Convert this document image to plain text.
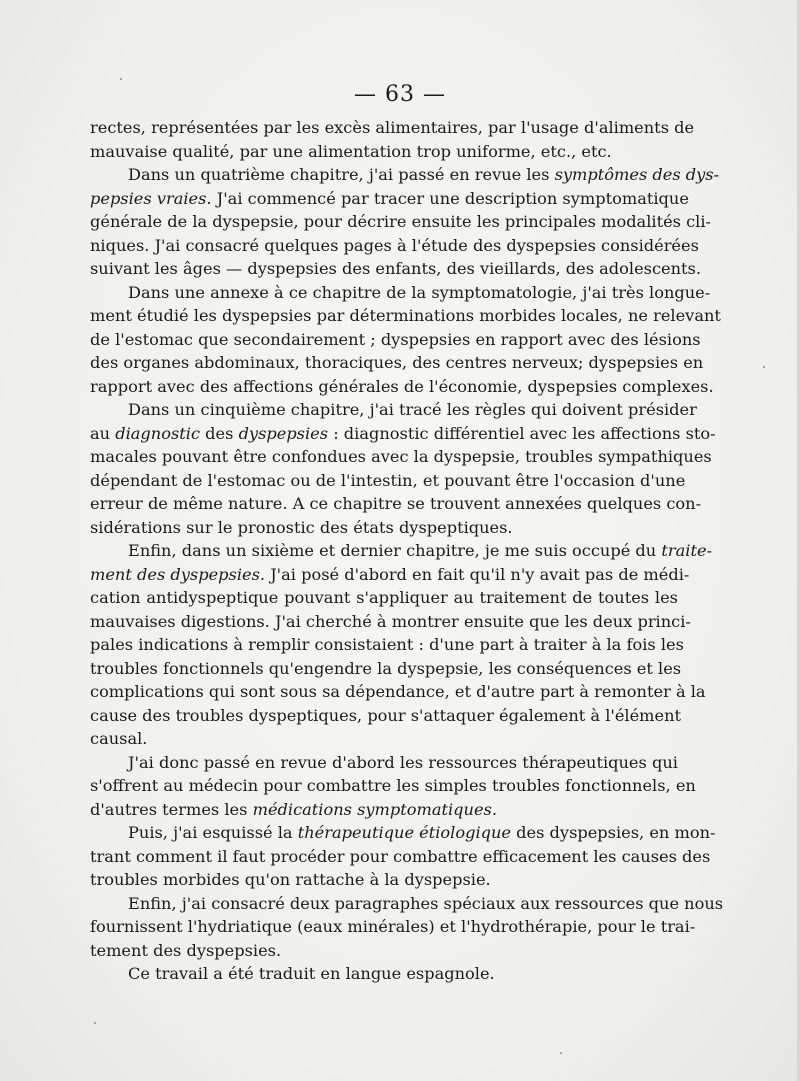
— 63 —
rectes, représentées par les excès alimentaires, par l'usage d'aliments de
mauvaise qualité, par une alimentation trop uniforme, etc., etc.
Dans un quatrième chapitre, j'ai passé en revue les symptômes des dys-
pepsies vraies. J'ai commencé par tracer une description symptomatique
générale de la dyspepsie, pour décrire ensuite les principales modalités cli-
niques. J'ai consacré quelques pages à l'étude des dyspepsies considérées
suivant les âges — dyspepsies des enfants, des vieillards, des adolescents.
Dans une annexe à ce chapitre de la symptomatologie, j'ai très longue-
ment étudié les dyspepsies par déterminations morbides locales, ne relevant
de l'estomac que secondairement ; dyspepsies en rapport avec des lésions
des organes abdominaux, thoraciques, des centres nerveux; dyspepsies en
rapport avec des affections générales de l'économie, dyspepsies complexes.
Dans un cinquième chapitre, j'ai tracé les règles qui doivent présider
au diagnostic des dyspepsies : diagnostic différentiel avec les affections sto-
macales pouvant être confondues avec la dyspepsie, troubles sympathiques
dépendant de l'estomac ou de l'intestin, et pouvant être l'occasion d'une
erreur de même nature. A ce chapitre se trouvent annexées quelques con-
sidérations sur le pronostic des états dyspeptiques.
Enfin, dans un sixième et dernier chapitre, je me suis occupé du traite-
ment des dyspepsies. J'ai posé d'abord en fait qu'il n'y avait pas de médi-
cation antidyspeptique pouvant s'appliquer au traitement de toutes les
mauvaises digestions. J'ai cherché à montrer ensuite que les deux princi-
pales indications à remplir consistaient : d'une part à traiter à la fois les
troubles fonctionnels qu'engendre la dyspepsie, les conséquences et les
complications qui sont sous sa dépendance, et d'autre part à remonter à la
cause des troubles dyspeptiques, pour s'attaquer également à l'élément
causal.
J'ai donc passé en revue d'abord les ressources thérapeutiques qui
s'offrent au médecin pour combattre les simples troubles fonctionnels, en
d'autres termes les médications symptomatiques.
Puis, j'ai esquissé la thérapeutique étiologique des dyspepsies, en mon-
trant comment il faut procéder pour combattre efficacement les causes des
troubles morbides qu'on rattache à la dyspepsie.
Enfin, j'ai consacré deux paragraphes spéciaux aux ressources que nous
fournissent l'hydriatique (eaux minérales) et l'hydrothérapie, pour le trai-
tement des dyspepsies.
Ce travail a été traduit en langue espagnole.
